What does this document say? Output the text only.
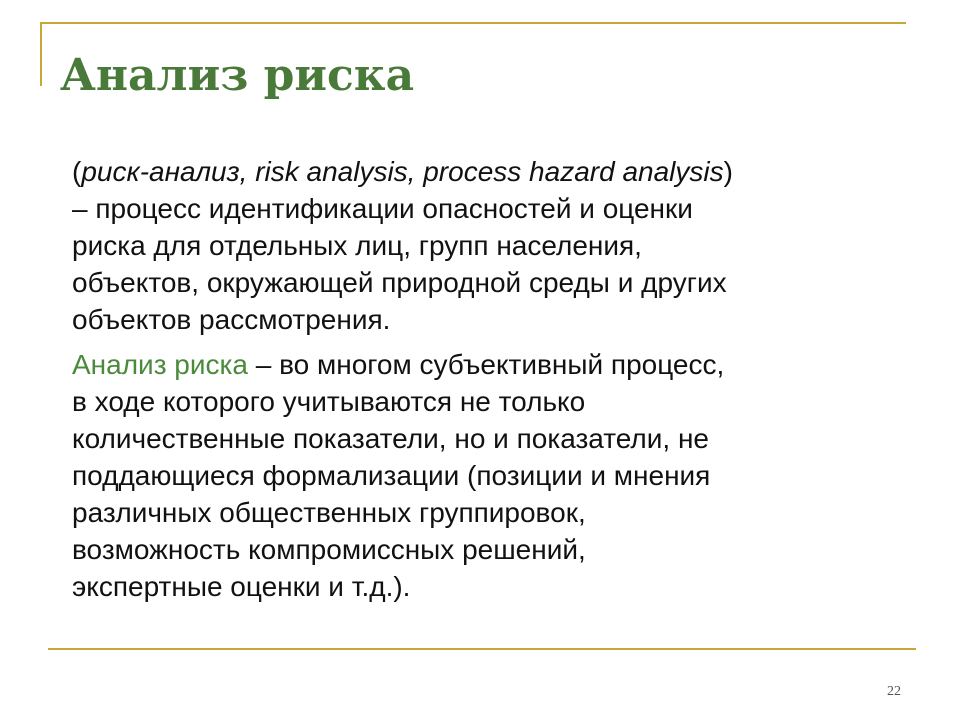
Анализ риска
(риск-анализ, risk analysis, process hazard analysis)
– процесс идентификации опасностей и оценки
риска для отдельных лиц, групп населения,
объектов, окружающей природной среды и других
объектов рассмотрения.
Анализ риска – во многом субъективный процесс,
в ходе которого учитываются не только
количественные показатели, но и показатели, не
поддающиеся формализации (позиции и мнения
различных общественных группировок,
возможность компромиссных решений,
экспертные оценки и т.д.).
22
